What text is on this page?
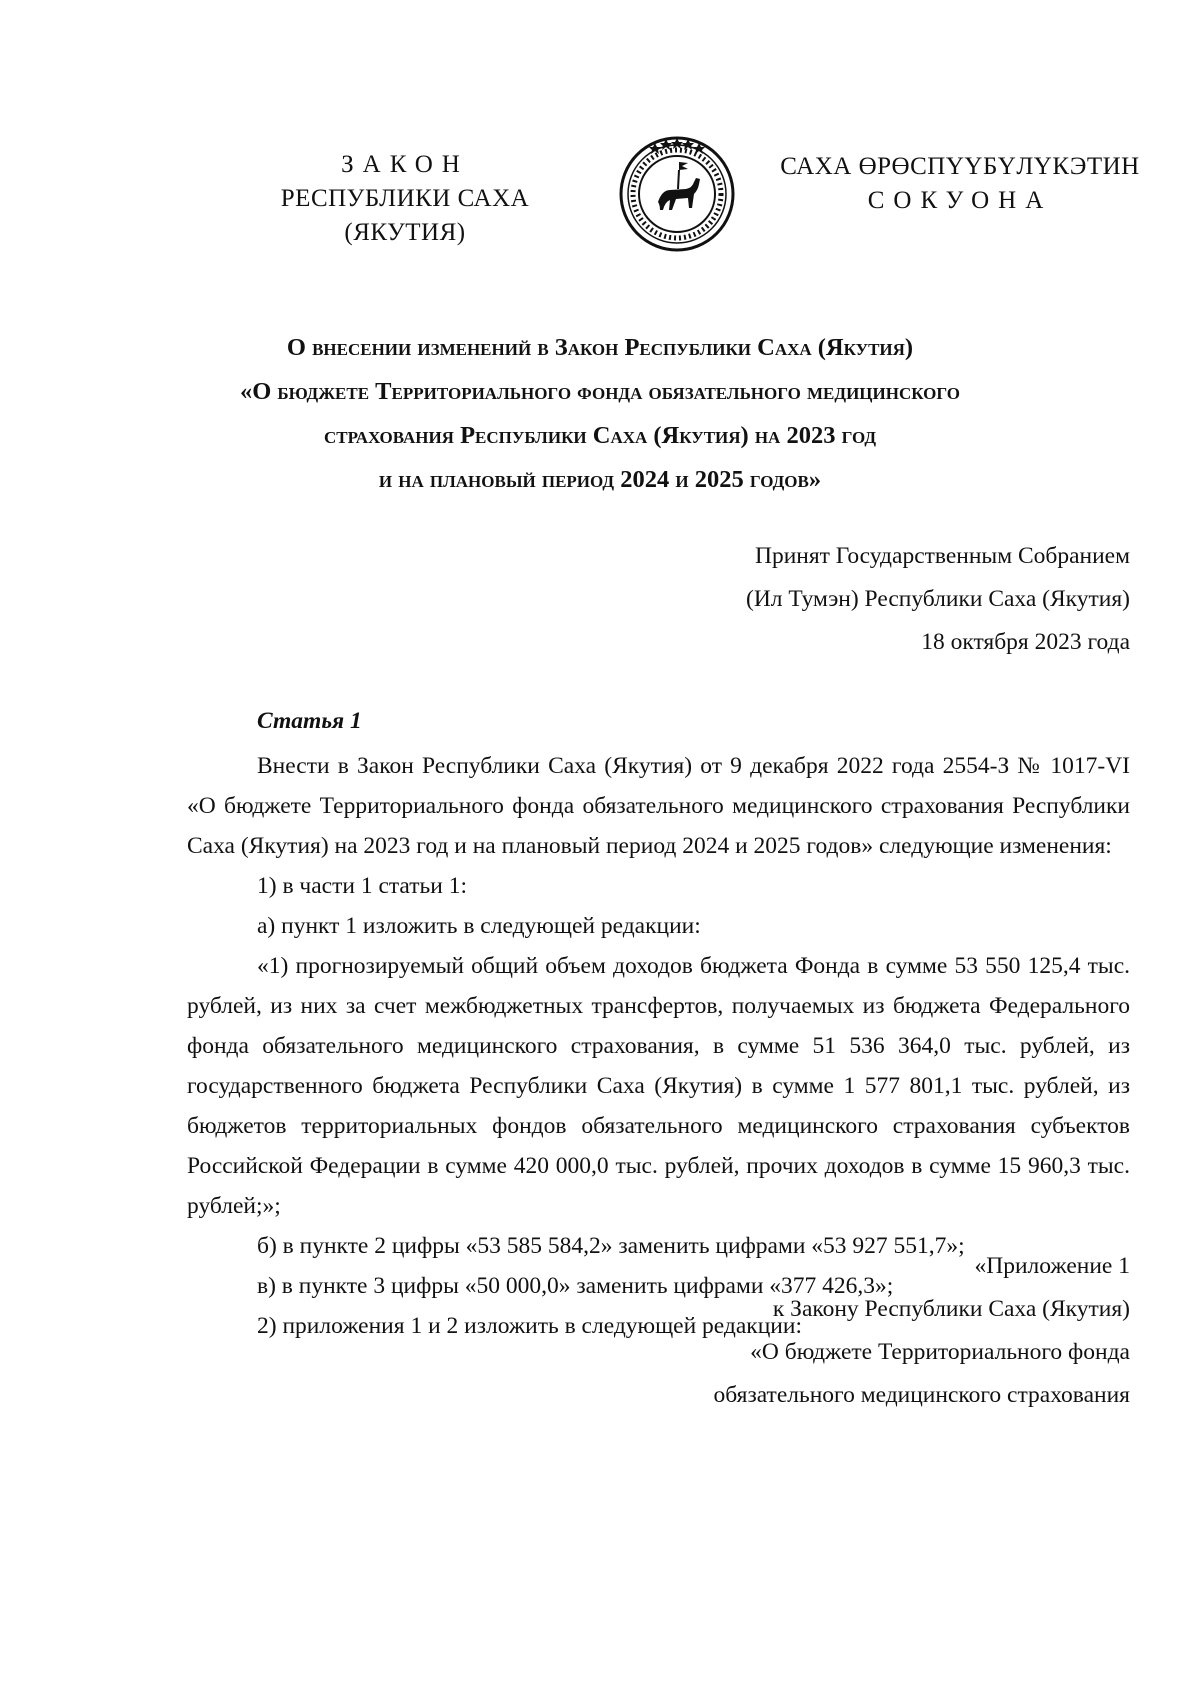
ЗАКОН
РЕСПУБЛИКИ САХА (ЯКУТИЯ)
САХА ӨРӨСПҮҮБҮЛҮКЭТИН
СОКУОНА
О внесении изменений в Закон Республики Саха (Якутия)
«О бюджете Территориального фонда обязательного медицинского
страхования Республики Саха (Якутия) на 2023 год
и на плановый период 2024 и 2025 годов»
Принят Государственным Собранием
(Ил Тумэн) Республики Саха (Якутия)
18 октября 2023 года
Статья 1

Внести в Закон Республики Саха (Якутия) от 9 декабря 2022 года 2554-З № 1017-VI «О бюджете Территориального фонда обязательного медицинского страхования Республики Саха (Якутия) на 2023 год и на плановый период 2024 и 2025 годов» следующие изменения:

1) в части 1 статьи 1:

а) пункт 1 изложить в следующей редакции:

«1) прогнозируемый общий объем доходов бюджета Фонда в сумме 53 550 125,4 тыс. рублей, из них за счет межбюджетных трансфертов, получаемых из бюджета Федерального фонда обязательного медицинского страхования, в сумме 51 536 364,0 тыс. рублей, из государственного бюджета Республики Саха (Якутия) в сумме 1 577 801,1 тыс. рублей, из бюджетов территориальных фондов обязательного медицинского страхования субъектов Российской Федерации в сумме 420 000,0 тыс. рублей, прочих доходов в сумме 15 960,3 тыс. рублей;»;

б) в пункте 2 цифры «53 585 584,2» заменить цифрами «53 927 551,7»;

в) в пункте 3 цифры «50 000,0» заменить цифрами «377 426,3»;

2) приложения 1 и 2 изложить в следующей редакции:

«Приложение 1
к Закону Республики Саха (Якутия)
«О бюджете Территориального фонда
обязательного медицинского страхования
